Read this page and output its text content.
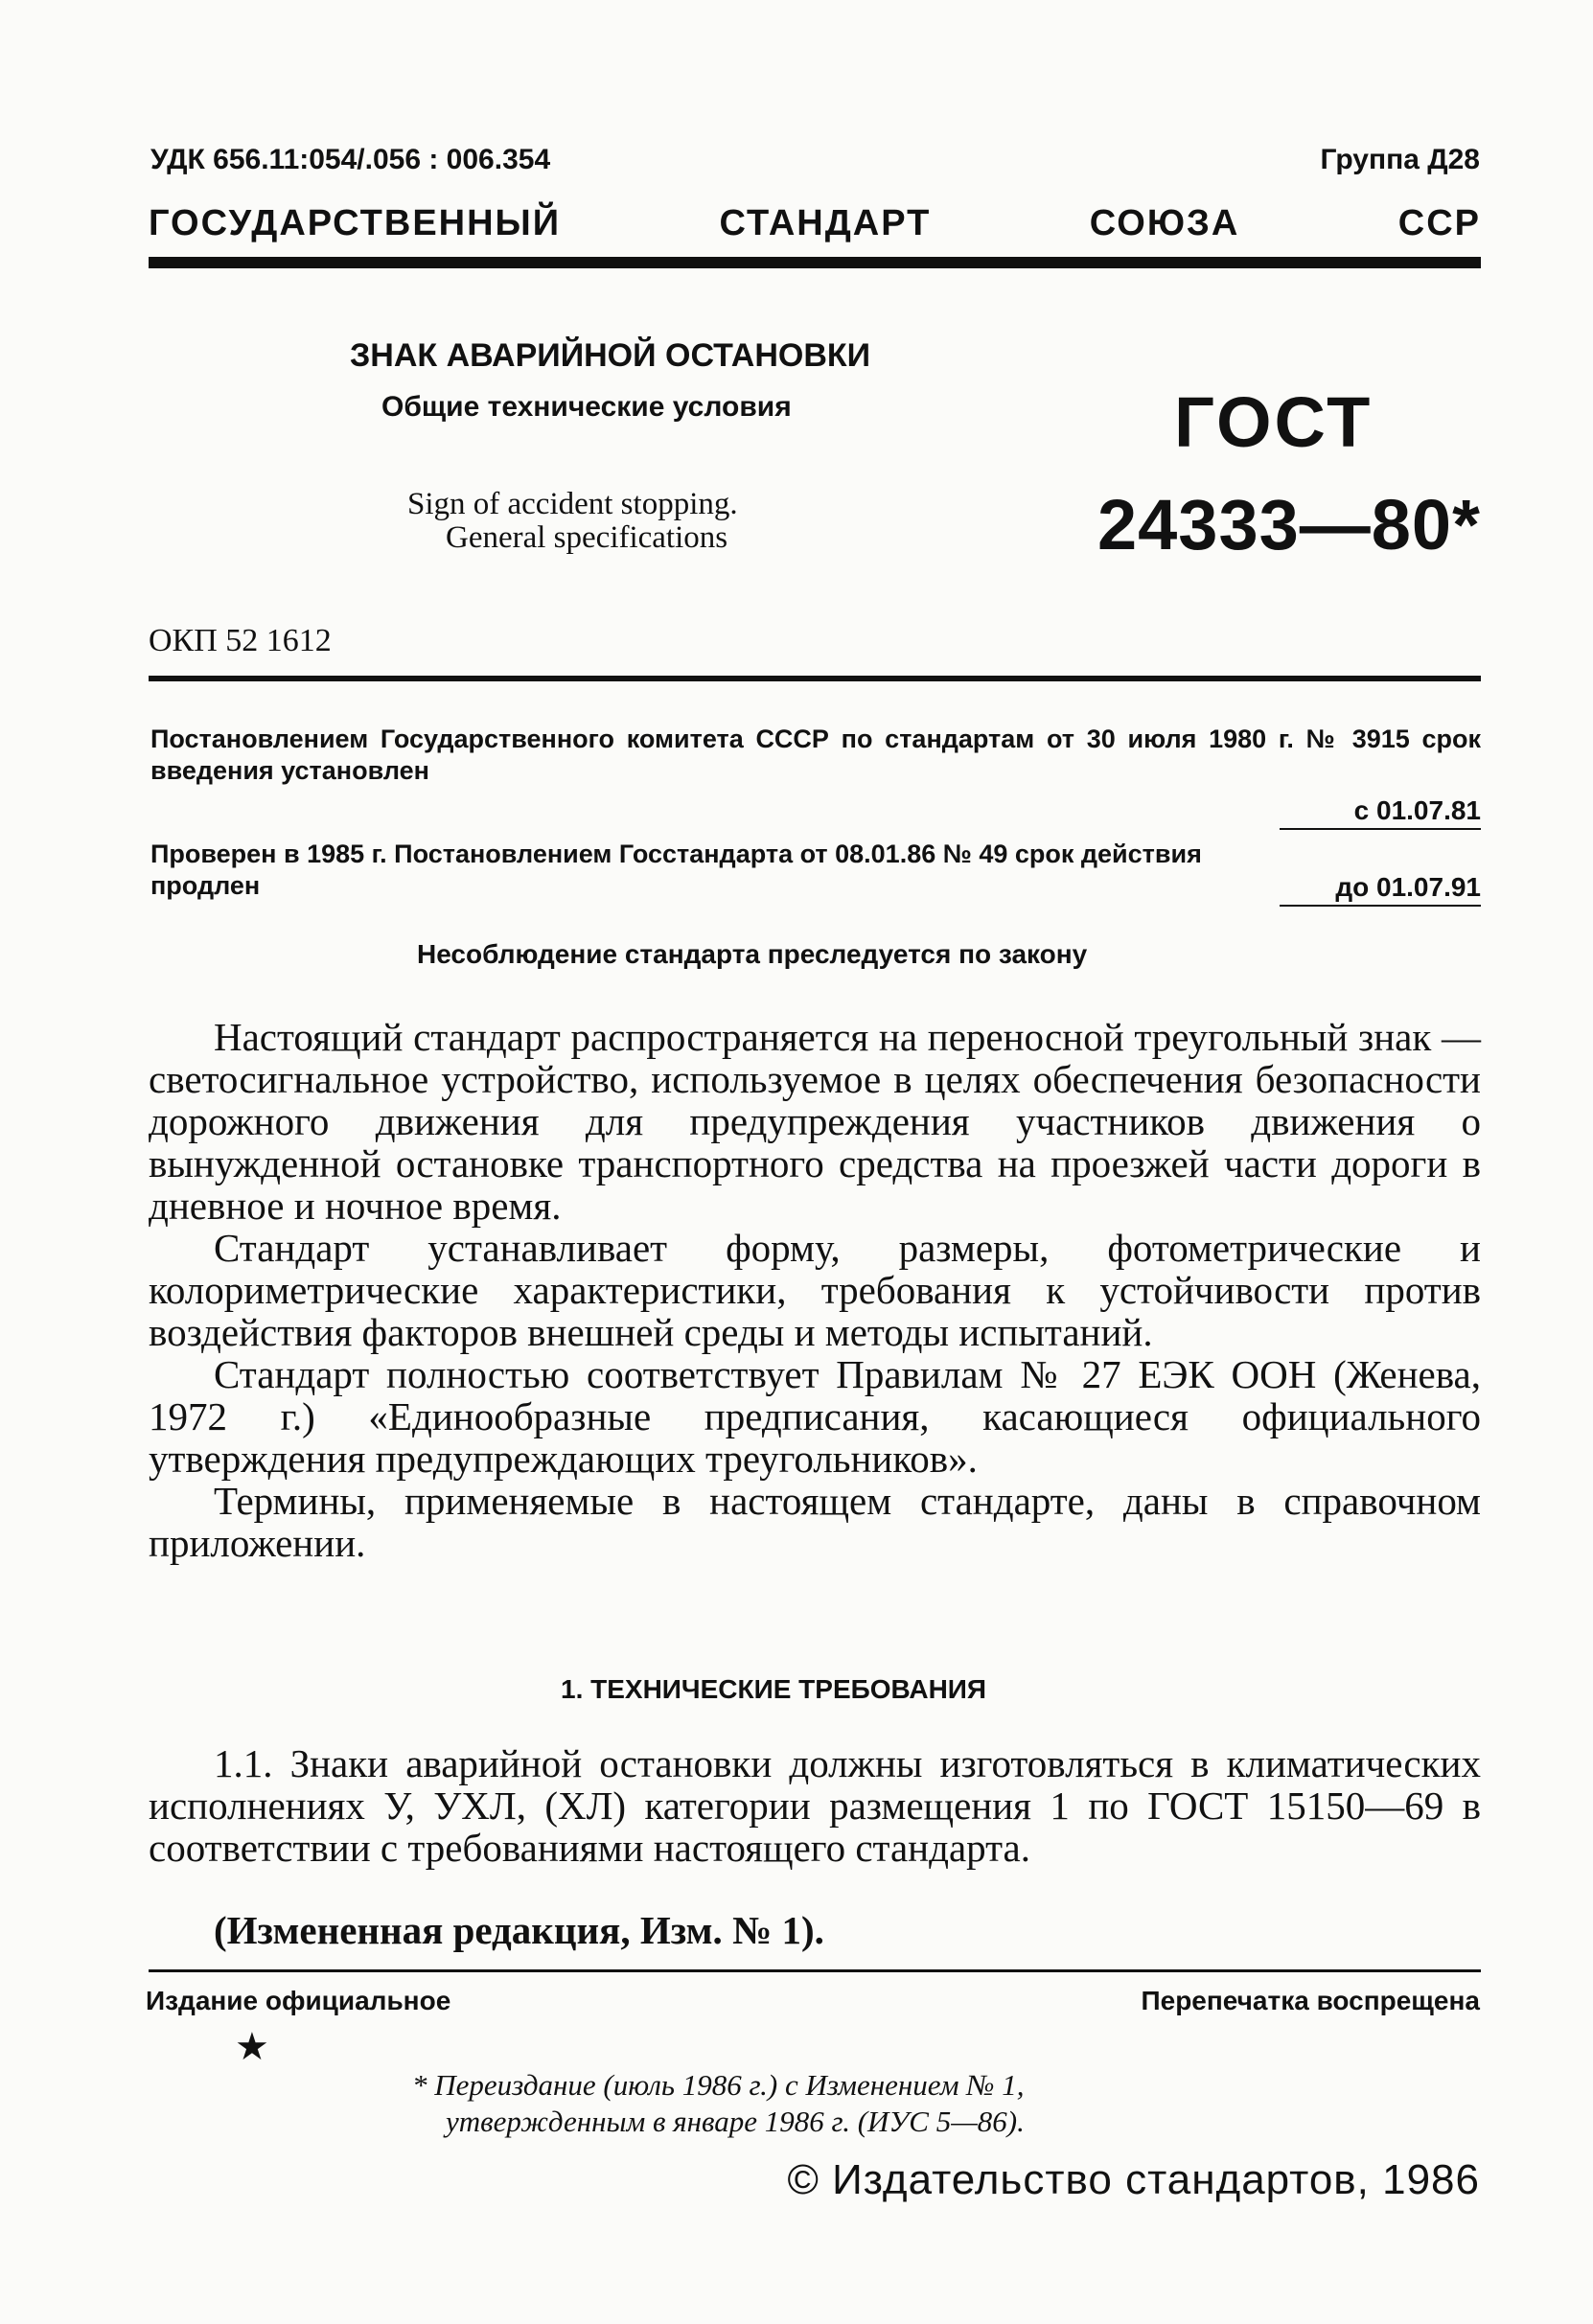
УДК 656.11:054/.056 : 006.354	Группа Д28
ГОСУДАРСТВЕННЫЙ	СТАНДАРТ	СОЮЗА	ССР
ЗНАК АВАРИЙНОЙ ОСТАНОВКИ
Общие технические условия
Sign of accident stopping.
General specifications
ГОСТ
24333—80*
ОКП 52 1612
Постановлением Государственного комитета СССР по стандартам от 30 июля 1980 г. № 3915 срок введения установлен
с 01.07.81
Проверен в 1985 г. Постановлением Госстандарта от 08.01.86 № 49 срок действия продлен	до 01.07.91
Несоблюдение стандарта преследуется по закону

Настоящий стандарт распространяется на переносной треугольный знак — светосигнальное устройство, используемое в целях обеспечения безопасности дорожного движения для предупреждения участников движения о вынужденной остановке транспортного средства на проезжей части дороги в дневное и ночное время.

Стандарт устанавливает форму, размеры, фотометрические и колориметрические характеристики, требования к устойчивости против воздействия факторов внешней среды и методы испытаний.

Стандарт полностью соответствует Правилам № 27 ЕЭК ООН (Женева, 1972 г.) «Единообразные предписания, касающиеся официального утверждения предупреждающих треугольников».

Термины, применяемые в настоящем стандарте, даны в справочном приложении.

1. ТЕХНИЧЕСКИЕ ТРЕБОВАНИЯ

1.1. Знаки аварийной остановки должны изготовляться в климатических исполнениях У, УХЛ, (ХЛ) категории размещения 1 по ГОСТ 15150—69 в соответствии с требованиями настоящего стандарта.

(Измененная редакция, Изм. № 1).
Издание официальное	Перепечатка воспрещена
★
* Переиздание (июль 1986 г.) с Изменением № 1,
утвержденным в январе 1986 г. (ИУС 5—86).
© Издательство стандартов, 1986
